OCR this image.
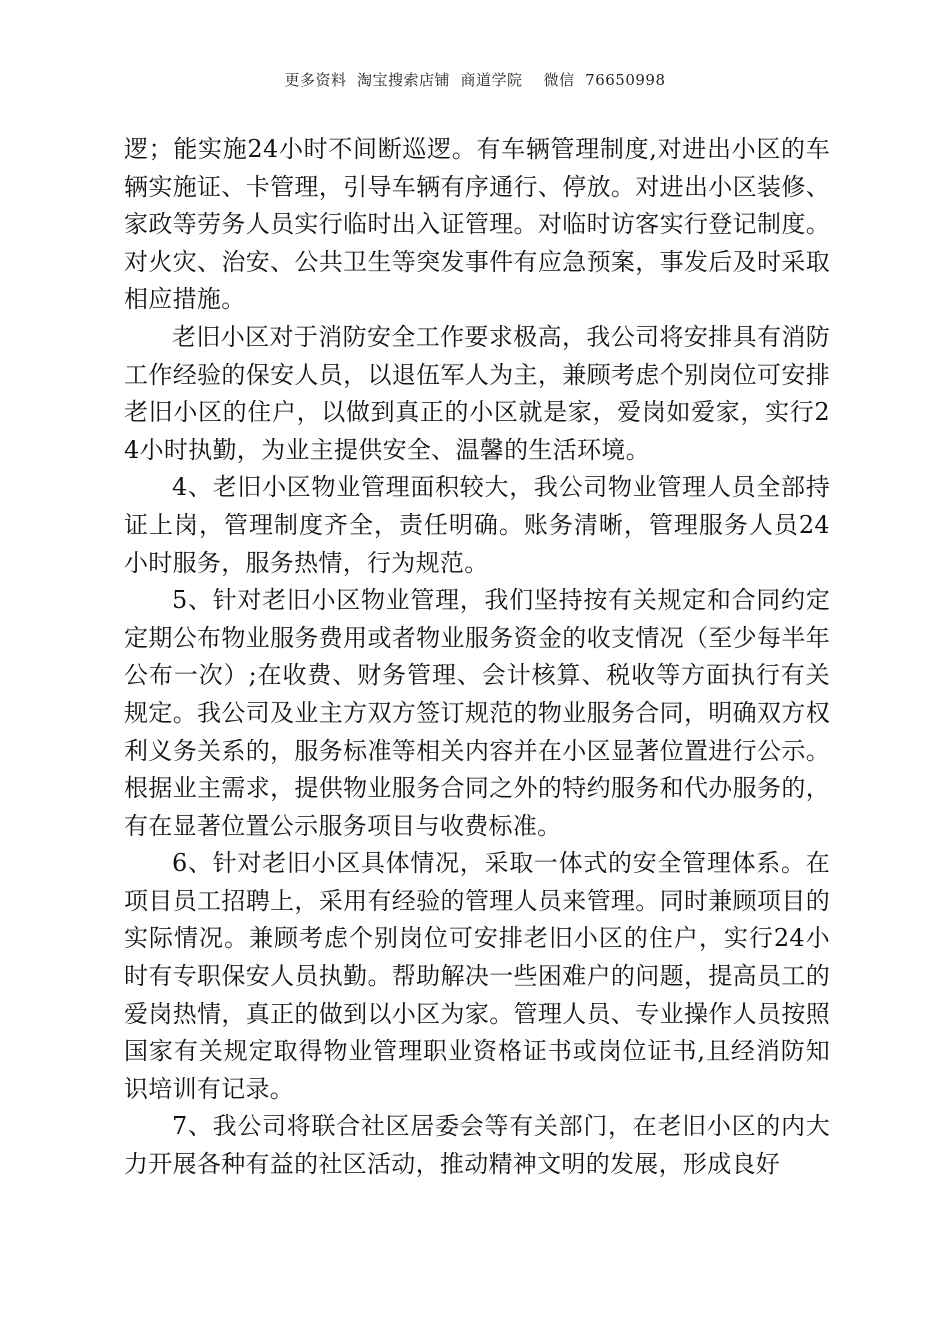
更多资料  淘宝搜索店铺  商道学院    微信  76650998

逻；能实施24小时不间断巡逻。有车辆管理制度,对进出小区的车辆实施证、卡管理，引导车辆有序通行、停放。对进出小区装修、家政等劳务人员实行临时出入证管理。对临时访客实行登记制度。对火灾、治安、公共卫生等突发事件有应急预案，事发后及时采取相应措施。

老旧小区对于消防安全工作要求极高，我公司将安排具有消防工作经验的保安人员，以退伍军人为主，兼顾考虑个别岗位可安排老旧小区的住户，以做到真正的小区就是家，爱岗如爱家，实行24小时执勤，为业主提供安全、温馨的生活环境。

4、老旧小区物业管理面积较大，我公司物业管理人员全部持证上岗，管理制度齐全，责任明确。账务清晰，管理服务人员24小时服务，服务热情，行为规范。

5、针对老旧小区物业管理，我们坚持按有关规定和合同约定定期公布物业服务费用或者物业服务资金的收支情况（至少每半年公布一次）;在收费、财务管理、会计核算、税收等方面执行有关规定。我公司及业主方双方签订规范的物业服务合同，明确双方权利义务关系的，服务标准等相关内容并在小区显著位置进行公示。根据业主需求，提供物业服务合同之外的特约服务和代办服务的，有在显著位置公示服务项目与收费标准。

6、针对老旧小区具体情况，采取一体式的安全管理体系。在项目员工招聘上，采用有经验的管理人员来管理。同时兼顾项目的实际情况。兼顾考虑个别岗位可安排老旧小区的住户，实行24小时有专职保安人员执勤。帮助解决一些困难户的问题，提高员工的爱岗热情，真正的做到以小区为家。管理人员、专业操作人员按照国家有关规定取得物业管理职业资格证书或岗位证书,且经消防知识培训有记录。

7、我公司将联合社区居委会等有关部门，在老旧小区的内大力开展各种有益的社区活动，推动精神文明的发展，形成良好
